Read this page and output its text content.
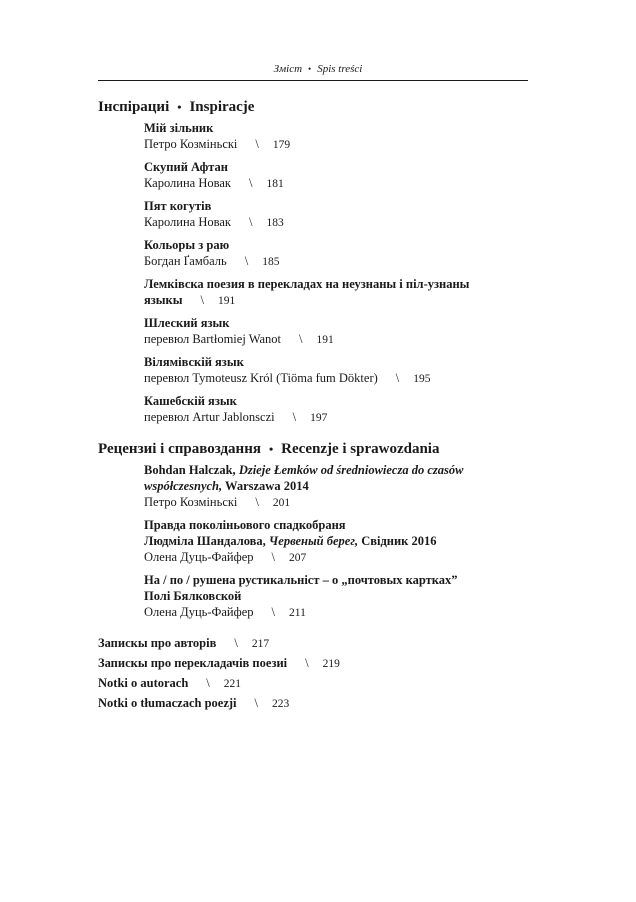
Зміст • Spis treści
Інспірациі • Inspiracje
Мій зільник
Петро Козміньскі \ 179
Скупий Афтан
Каролина Новак \ 181
Пят когутів
Каролина Новак \ 183
Кольоры з раю
Богдан Ґамбаль \ 185
Лемківска поезия в перекладах на неузнаны і піл-узнаны
языкы \ 191
Шлеский язык
перевюл Bartłomiej Wanot \ 191
Вілямівскій язык
перевюл Tymoteusz Król (Tiöma fum Dökter) \ 195
Кашебскій язык
перевюл Artur Jablonsczi \ 197
Рецензиі і справоздання • Recenzje i sprawozdania
Bohdan Halczak, Dzieje Łemków od średniowiecza do czasów współczesnych, Warszawa 2014
Петро Козміньскі \ 201
Правда поколіньового спадкобраня
Людміла Шандалова, Червеный берег, Свідник 2016
Олена Дуць-Файфер \ 207
На / по / рушена рустикальніст – о „почтовых картках”
Полі Бялковской
Олена Дуць-Файфер \ 211
Запискы про авторів \ 217
Запискы про перекладачів поезиі \ 219
Notki o autorach \ 221
Notki o tłumaczach poezji \ 223
